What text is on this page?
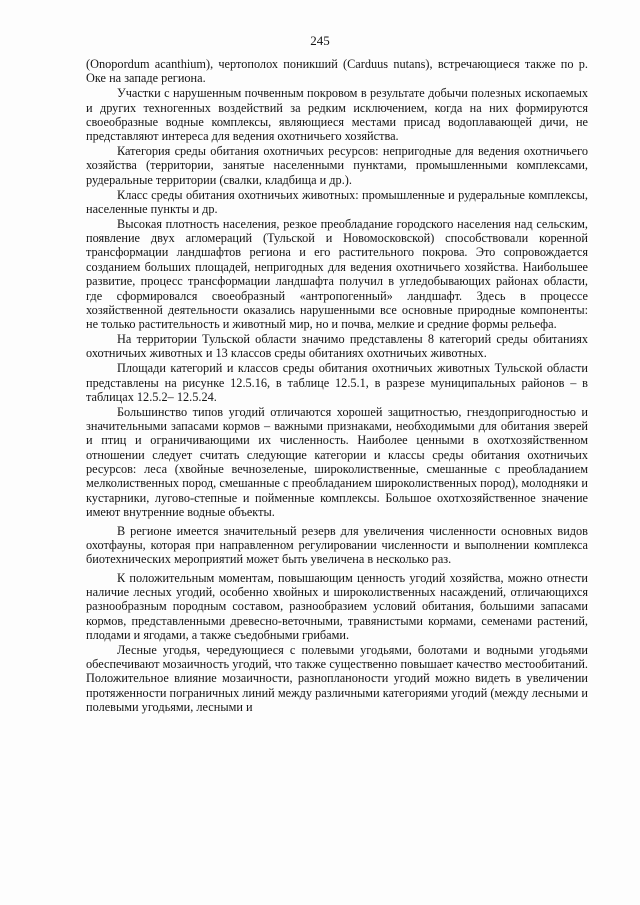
245

(Onopordum acanthium), чертополох поникший (Carduus nutans), встречающиеся также по р. Оке на западе региона.

Участки с нарушенным почвенным покровом в результате добычи полезных ископаемых и других техногенных воздействий за редким исключением, когда на них формируются своеобразные водные комплексы, являющиеся местами присад водоплавающей дичи, не представляют интереса для ведения охотничьего хозяйства.

Категория среды обитания охотничьих ресурсов: непригодные для ведения охотничьего хозяйства (территории, занятые населенными пунктами, промышленными комплексами, рудеральные территории (свалки, кладбища и др.).

Класс среды обитания охотничьих животных: промышленные и рудеральные комплексы, населенные пункты и др.

Высокая плотность населения, резкое преобладание городского населения над сельским, появление двух агломераций (Тульской и Новомосковской) способствовали коренной трансформации ландшафтов региона и его растительного покрова. Это сопровождается созданием больших площадей, непригодных для ведения охотничьего хозяйства. Наибольшее развитие, процесс трансформации ландшафта получил в угледобывающих районах области, где сформировался своеобразный «антропогенный» ландшафт. Здесь в процессе хозяйственной деятельности оказались нарушенными все основные природные компоненты: не только растительность и животный мир, но и почва, мелкие и средние формы рельефа.

На территории Тульской области значимо представлены 8 категорий среды обитаниях охотничьих животных и 13 классов среды обитаниях охотничьих животных.

Площади категорий и классов среды обитания охотничьих животных Тульской области представлены на рисунке 12.5.16, в таблице 12.5.1, в разрезе муниципальных районов – в таблицах 12.5.2– 12.5.24.

Большинство типов угодий отличаются хорошей защитностью, гнездопригодностью и значительными запасами кормов – важными признаками, необходимыми для обитания зверей и птиц и ограничивающими их численность. Наиболее ценными в охотхозяйственном отношении следует считать следующие категории и классы среды обитания охотничьих ресурсов: леса (хвойные вечнозеленые, широколиственные, смешанные с преобладанием мелколиственных пород, смешанные с преобладанием широколиственных пород), молодняки и кустарники, лугово-степные и пойменные комплексы. Большое охотхозяйственное значение имеют внутренние водные объекты.

В регионе имеется значительный резерв для увеличения численности основных видов охотфауны, которая при направленном регулировании численности и выполнении комплекса биотехнических мероприятий может быть увеличена в несколько раз.

К положительным моментам, повышающим ценность угодий хозяйства, можно отнести наличие лесных угодий, особенно хвойных и широколиственных насаждений, отличающихся разнообразным породным составом, разнообразием условий обитания, большими запасами кормов, представленными древесно-веточными, травянистыми кормами, семенами растений, плодами и ягодами, а также съедобными грибами.

Лесные угодья, чередующиеся с полевыми угодьями, болотами и водными угодьями обеспечивают мозаичность угодий, что также существенно повышает качество местообитаний. Положительное влияние мозаичности, разнопланоности угодий можно видеть в увеличении протяженности пограничных линий между различными категориями угодий (между лесными и полевыми угодьями, лесными и
